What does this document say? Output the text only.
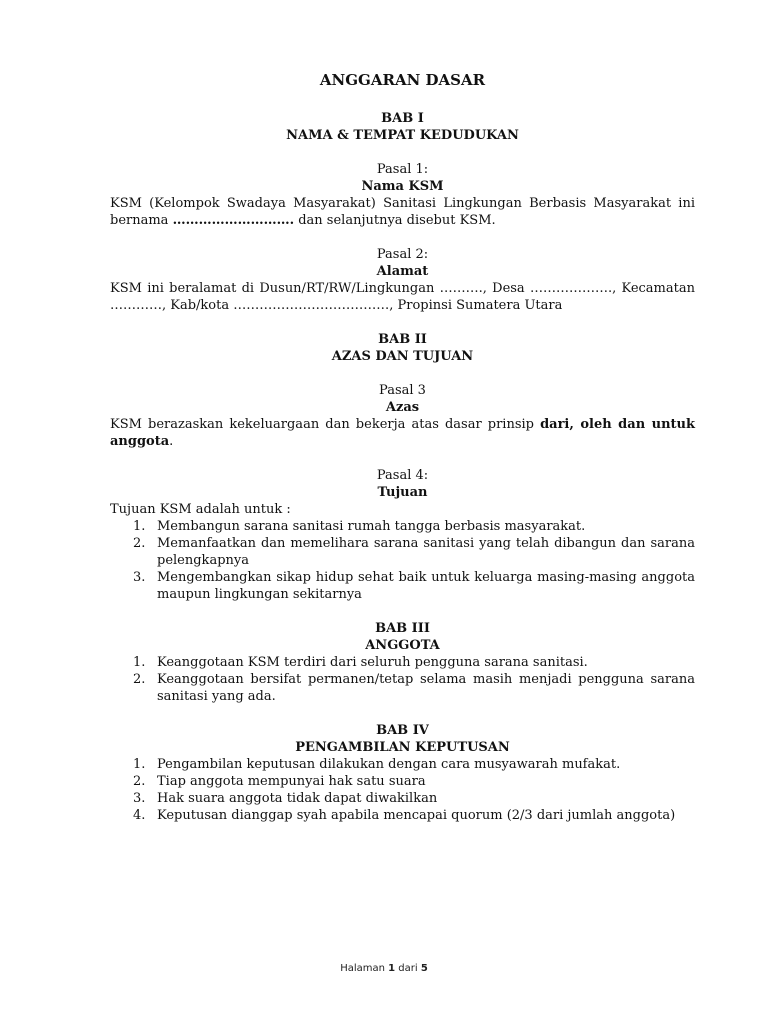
ANGGARAN DASAR
BAB I
NAMA & TEMPAT KEDUDUKAN
Pasal 1:
Nama KSM

KSM (Kelompok Swadaya Masyarakat) Sanitasi Lingkungan Berbasis Masyarakat ini

bernama ………………………. dan selanjutnya disebut KSM.

Pasal 2:
Alamat

KSM ini beralamat di Dusun/RT/RW/Lingkungan ………., Desa ………………., Kecamatan …………, Kab/kota ………………………………, Propinsi Sumatera Utara

BAB II
AZAS DAN TUJUAN
Pasal 3
Azas

KSM berazaskan kekeluargaan dan bekerja atas dasar prinsip dari, oleh dan untuk anggota.

Pasal 4:
Tujuan
Tujuan KSM adalah untuk :
1. Membangun sarana sanitasi rumah tangga berbasis masyarakat.
2. Memanfaatkan dan memelihara sarana sanitasi yang telah dibangun dan sarana pelengkapnya
3. Mengembangkan sikap hidup sehat baik untuk keluarga masing-masing anggota maupun lingkungan sekitarnya
BAB III
ANGGOTA
1. Keanggotaan KSM terdiri dari seluruh pengguna sarana sanitasi.
2. Keanggotaan bersifat permanen/tetap selama masih menjadi pengguna sarana sanitasi yang ada.
BAB IV
PENGAMBILAN KEPUTUSAN
1. Pengambilan keputusan dilakukan dengan cara musyawarah mufakat.
2. Tiap anggota mempunyai hak satu suara
3. Hak suara anggota tidak dapat diwakilkan
4. Keputusan dianggap syah apabila mencapai quorum (2/3 dari jumlah anggota)
Halaman 1 dari 5
